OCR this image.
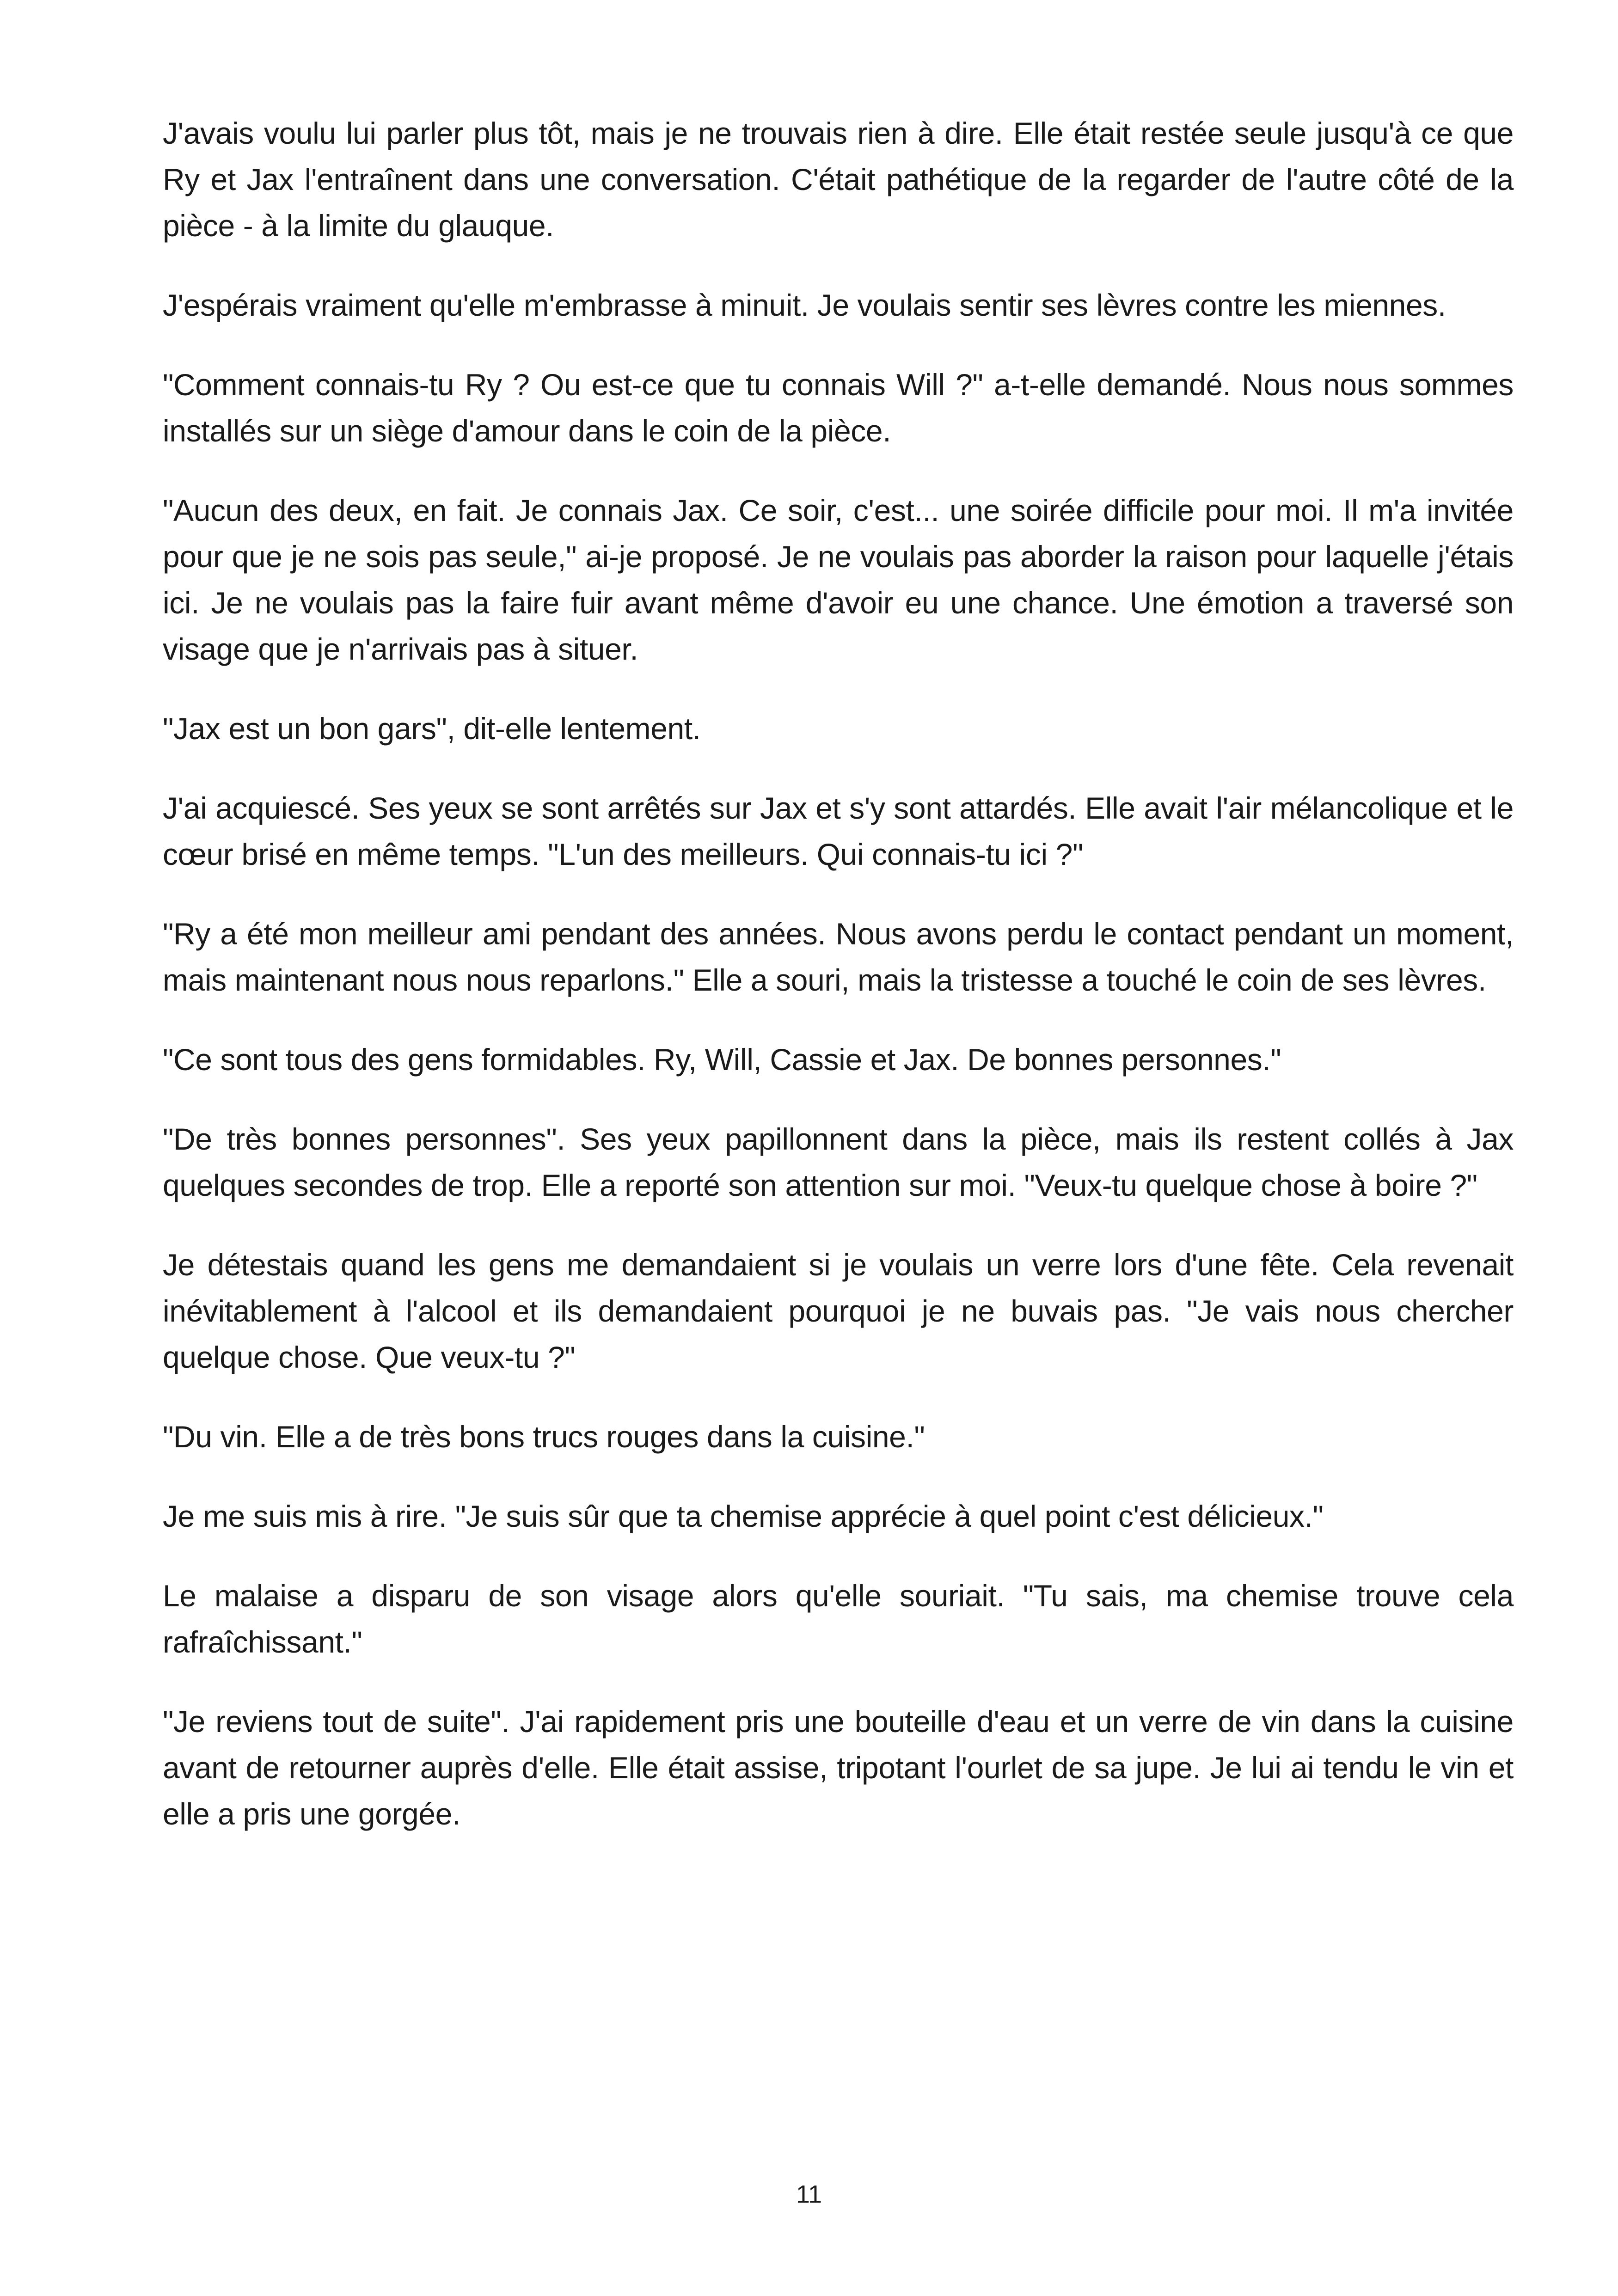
J'avais voulu lui parler plus tôt, mais je ne trouvais rien à dire. Elle était restée seule jusqu'à ce que Ry et Jax l'entraînent dans une conversation. C'était pathétique de la regarder de l'autre côté de la pièce - à la limite du glauque.

J'espérais vraiment qu'elle m'embrasse à minuit. Je voulais sentir ses lèvres contre les miennes.

"Comment connais-tu Ry ? Ou est-ce que tu connais Will ?" a-t-elle demandé. Nous nous sommes installés sur un siège d'amour dans le coin de la pièce.

"Aucun des deux, en fait. Je connais Jax. Ce soir, c'est... une soirée difficile pour moi. Il m'a invitée pour que je ne sois pas seule," ai-je proposé. Je ne voulais pas aborder la raison pour laquelle j'étais ici. Je ne voulais pas la faire fuir avant même d'avoir eu une chance. Une émotion a traversé son visage que je n'arrivais pas à situer.

"Jax est un bon gars", dit-elle lentement.

J'ai acquiescé. Ses yeux se sont arrêtés sur Jax et s'y sont attardés. Elle avait l'air mélancolique et le cœur brisé en même temps. "L'un des meilleurs. Qui connais-tu ici ?"

"Ry a été mon meilleur ami pendant des années. Nous avons perdu le contact pendant un moment, mais maintenant nous nous reparlons." Elle a souri, mais la tristesse a touché le coin de ses lèvres.

"Ce sont tous des gens formidables. Ry, Will, Cassie et Jax. De bonnes personnes."

"De très bonnes personnes". Ses yeux papillonnent dans la pièce, mais ils restent collés à Jax quelques secondes de trop. Elle a reporté son attention sur moi. "Veux-tu quelque chose à boire ?"

Je détestais quand les gens me demandaient si je voulais un verre lors d'une fête. Cela revenait inévitablement à l'alcool et ils demandaient pourquoi je ne buvais pas. "Je vais nous chercher quelque chose. Que veux-tu ?"

"Du vin. Elle a de très bons trucs rouges dans la cuisine."

Je me suis mis à rire. "Je suis sûr que ta chemise apprécie à quel point c'est délicieux."

Le malaise a disparu de son visage alors qu'elle souriait. "Tu sais, ma chemise trouve cela rafraîchissant."

"Je reviens tout de suite". J'ai rapidement pris une bouteille d'eau et un verre de vin dans la cuisine avant de retourner auprès d'elle. Elle était assise, tripotant l'ourlet de sa jupe. Je lui ai tendu le vin et elle a pris une gorgée.

11
